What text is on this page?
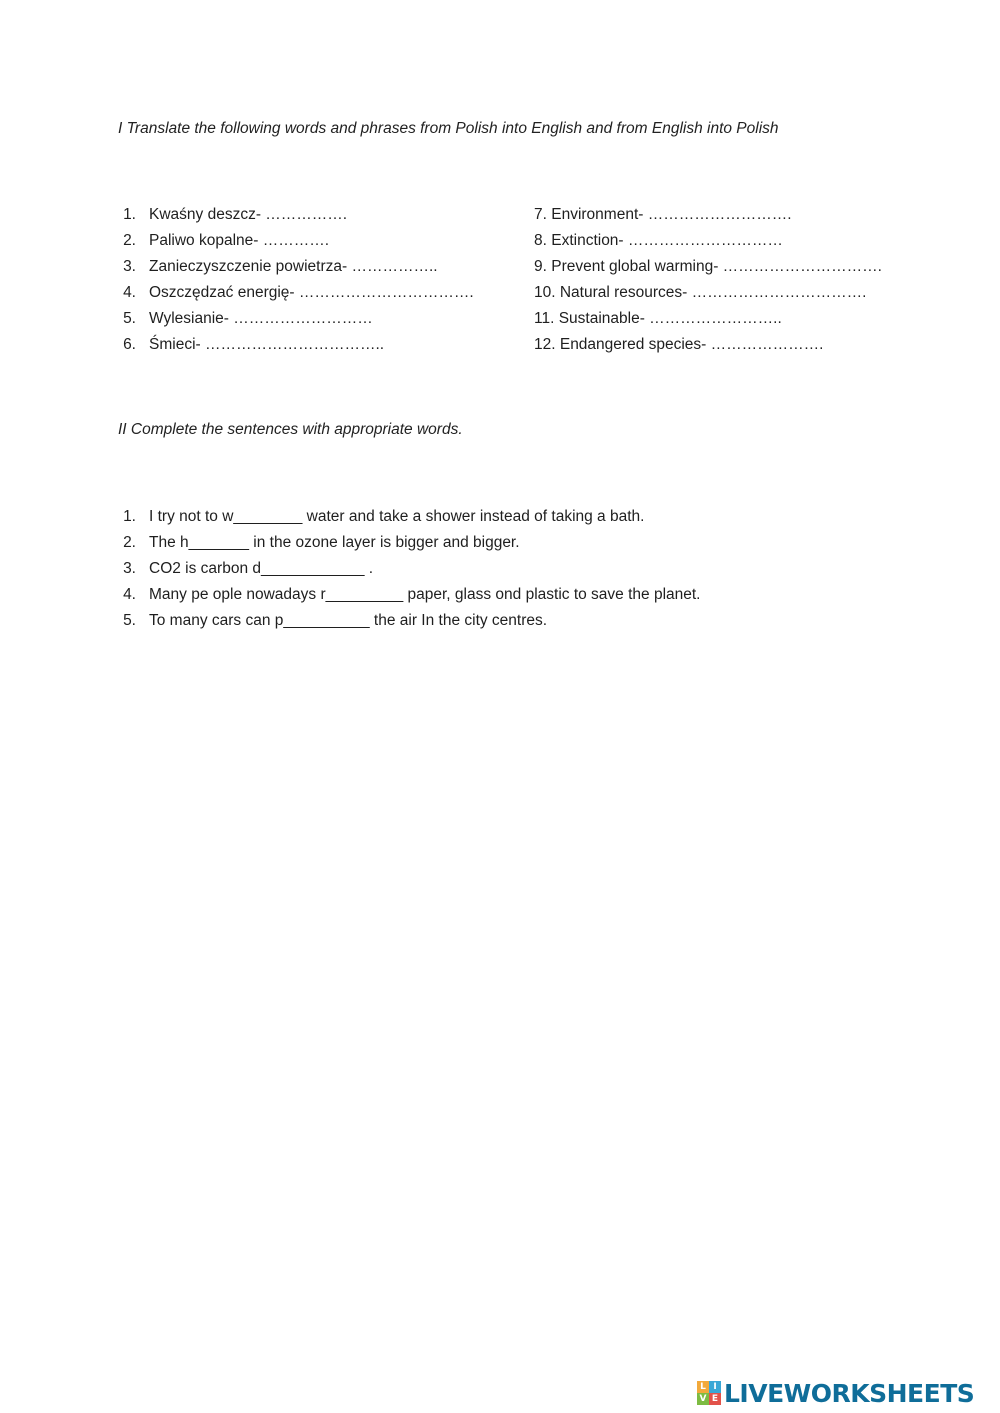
I Translate the following words and phrases from Polish into English and from English into Polish
1. Kwaśny deszcz- …………….
2. Paliwo kopalne- ………….
3. Zanieczyszczenie powietrza- ……………..
4. Oszczędzać energię- …………………………….
5. Wylesianie- ………………………
6. Śmieci- ……………………………..
7. Environment- ……………………….
8. Extinction- …………………………
9. Prevent global warming- ………………………….
10. Natural resources- …………………………….
11. Sustainable- ……………………..
12. Endangered species- ………………….
II Complete the sentences with appropriate words.
1. I try not to w________ water and take a shower instead of taking a bath.
2. The h_______ in the ozone layer is bigger and bigger.
3. CO2 is carbon d____________ .
4. Many pe ople nowadays r_________ paper, glass ond plastic to save the planet.
5. To many cars can p__________ the air In the city centres.
L I
V E LIVEWORKSHEETS
